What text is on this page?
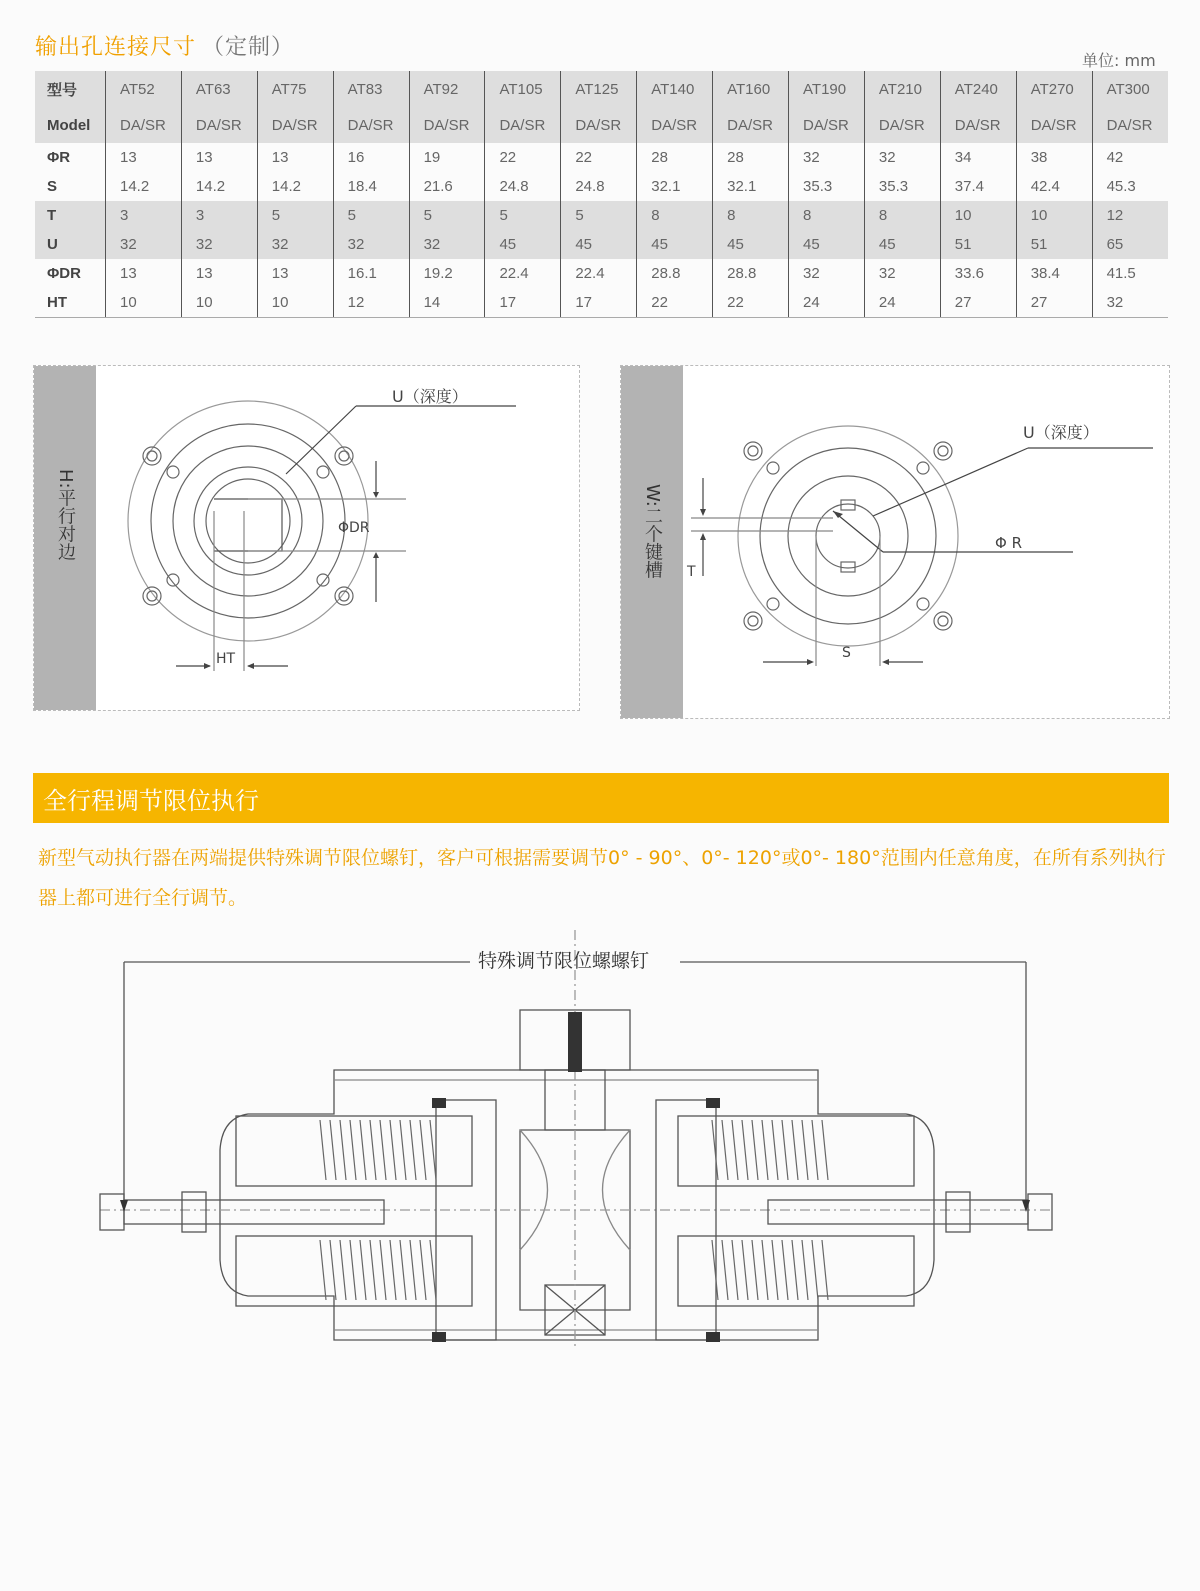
输出孔连接尺寸 （定制）
单位: mm
型号	AT52	AT63	AT75	AT83	AT92	AT105	AT125	AT140	AT160	AT190	AT210	AT240	AT270	AT300
Model	DA/SR	DA/SR	DA/SR	DA/SR	DA/SR	DA/SR	DA/SR	DA/SR	DA/SR	DA/SR	DA/SR	DA/SR	DA/SR	DA/SR
ΦR	13	13	13	16	19	22	22	28	28	32	32	34	38	42
S	14.2	14.2	14.2	18.4	21.6	24.8	24.8	32.1	32.1	35.3	35.3	37.4	42.4	45.3
T	3	3	5	5	5	5	5	8	8	8	8	10	10	12
U	32	32	32	32	32	45	45	45	45	45	45	51	51	65
ΦDR	13	13	13	16.1	19.2	22.4	22.4	28.8	28.8	32	32	33.6	38.4	41.5
HT	10	10	10	12	14	17	17	22	22	24	24	27	27	32
H:平行对边
U（深度）
ΦDR
HT
W:二个键槽
U（深度）
Φ R
T
S
全行程调节限位执行
新型气动执行器在两端提供特殊调节限位螺钉，客户可根据需要调节0° - 90°、0°- 120°或0°- 180°范围内任意角度，在所有系列执行器上都可进行全行调节。
特殊调节限位螺螺钉
